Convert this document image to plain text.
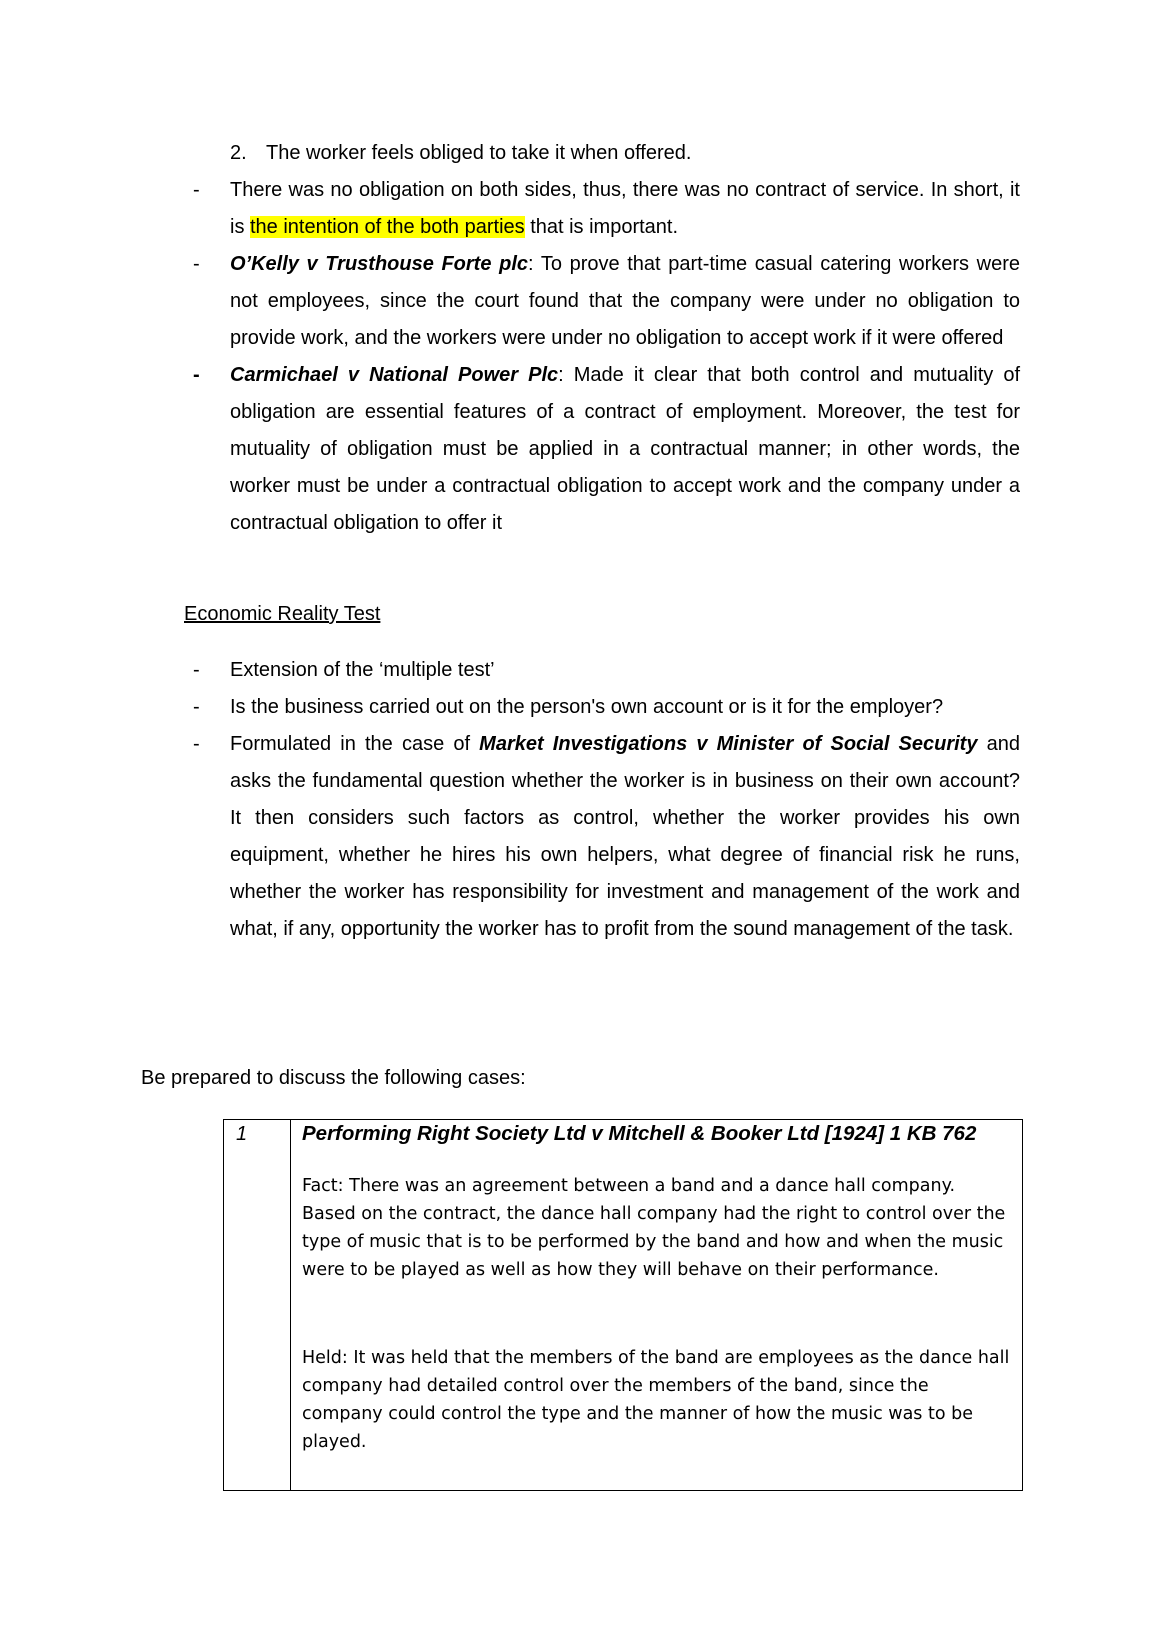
2. The worker feels obliged to take it when offered.
- There was no obligation on both sides, thus, there was no contract of service. In short, it is the intention of the both parties that is important.
- O’Kelly v Trusthouse Forte plc: To prove that part-time casual catering workers were not employees, since the court found that the company were under no obligation to provide work, and the workers were under no obligation to accept work if it were offered
- Carmichael v National Power Plc: Made it clear that both control and mutuality of obligation are essential features of a contract of employment. Moreover, the test for mutuality of obligation must be applied in a contractual manner; in other words, the worker must be under a contractual obligation to accept work and the company under a contractual obligation to offer it
Economic Reality Test
- Extension of the ‘multiple test’
- Is the business carried out on the person's own account or is it for the employer?
- Formulated in the case of Market Investigations v Minister of Social Security and asks the fundamental question whether the worker is in business on their own account? It then considers such factors as control, whether the worker provides his own equipment, whether he hires his own helpers, what degree of financial risk he runs, whether the worker has responsibility for investment and management of the work and what, if any, opportunity the worker has to profit from the sound management of the task.
Be prepared to discuss the following cases:
1	Performing Right Society Ltd v Mitchell & Booker Ltd [1924] 1 KB 762
Fact: There was an agreement between a band and a dance hall company. Based on the contract, the dance hall company had the right to control over the type of music that is to be performed by the band and how and when the music were to be played as well as how they will behave on their performance.
Held: It was held that the members of the band are employees as the dance hall company had detailed control over the members of the band, since the company could control the type and the manner of how the music was to be played.
